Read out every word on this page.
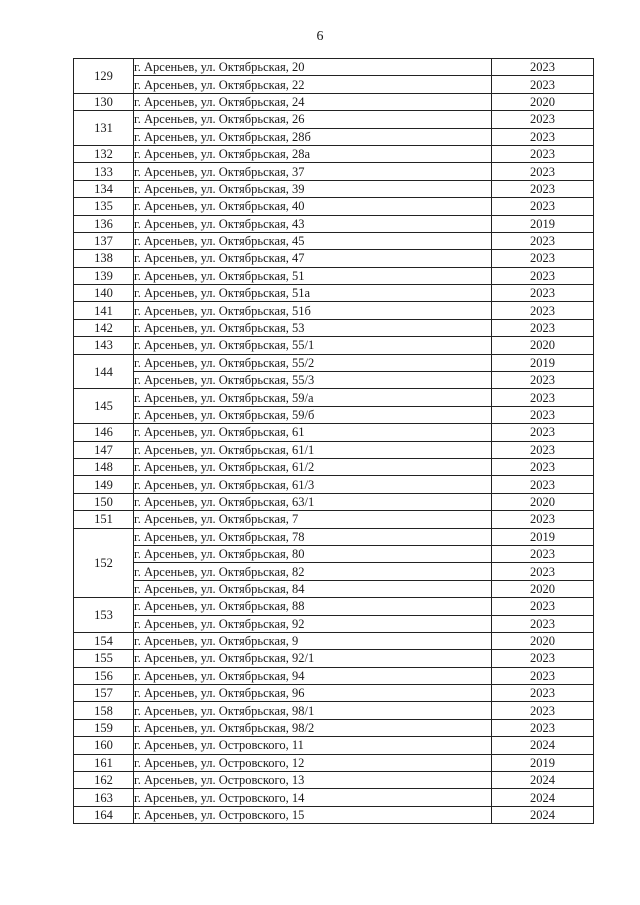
6
129	г. Арсеньев, ул. Октябрьская, 20	2023
	г. Арсеньев, ул. Октябрьская, 22	2023
130	г. Арсеньев, ул. Октябрьская, 24	2020
131	г. Арсеньев, ул. Октябрьская, 26	2023
	г. Арсеньев, ул. Октябрьская, 28б	2023
132	г. Арсеньев, ул. Октябрьская, 28а	2023
133	г. Арсеньев, ул. Октябрьская, 37	2023
134	г. Арсеньев, ул. Октябрьская, 39	2023
135	г. Арсеньев, ул. Октябрьская, 40	2023
136	г. Арсеньев, ул. Октябрьская, 43	2019
137	г. Арсеньев, ул. Октябрьская, 45	2023
138	г. Арсеньев, ул. Октябрьская, 47	2023
139	г. Арсеньев, ул. Октябрьская, 51	2023
140	г. Арсеньев, ул. Октябрьская, 51а	2023
141	г. Арсеньев, ул. Октябрьская, 51б	2023
142	г. Арсеньев, ул. Октябрьская, 53	2023
143	г. Арсеньев, ул. Октябрьская, 55/1	2020
144	г. Арсеньев, ул. Октябрьская, 55/2	2019
	г. Арсеньев, ул. Октябрьская, 55/3	2023
145	г. Арсеньев, ул. Октябрьская, 59/а	2023
	г. Арсеньев, ул. Октябрьская, 59/б	2023
146	г. Арсеньев, ул. Октябрьская, 61	2023
147	г. Арсеньев, ул. Октябрьская, 61/1	2023
148	г. Арсеньев, ул. Октябрьская, 61/2	2023
149	г. Арсеньев, ул. Октябрьская, 61/3	2023
150	г. Арсеньев, ул. Октябрьская, 63/1	2020
151	г. Арсеньев, ул. Октябрьская, 7	2023
152	г. Арсеньев, ул. Октябрьская, 78	2019
	г. Арсеньев, ул. Октябрьская, 80	2023
	г. Арсеньев, ул. Октябрьская, 82	2023
	г. Арсеньев, ул. Октябрьская, 84	2020
153	г. Арсеньев, ул. Октябрьская, 88	2023
	г. Арсеньев, ул. Октябрьская, 92	2023
154	г. Арсеньев, ул. Октябрьская, 9	2020
155	г. Арсеньев, ул. Октябрьская, 92/1	2023
156	г. Арсеньев, ул. Октябрьская, 94	2023
157	г. Арсеньев, ул. Октябрьская, 96	2023
158	г. Арсеньев, ул. Октябрьская, 98/1	2023
159	г. Арсеньев, ул. Октябрьская, 98/2	2023
160	г. Арсеньев, ул. Островского, 11	2024
161	г. Арсеньев, ул. Островского, 12	2019
162	г. Арсеньев, ул. Островского, 13	2024
163	г. Арсеньев, ул. Островского, 14	2024
164	г. Арсеньев, ул. Островского, 15	2024
